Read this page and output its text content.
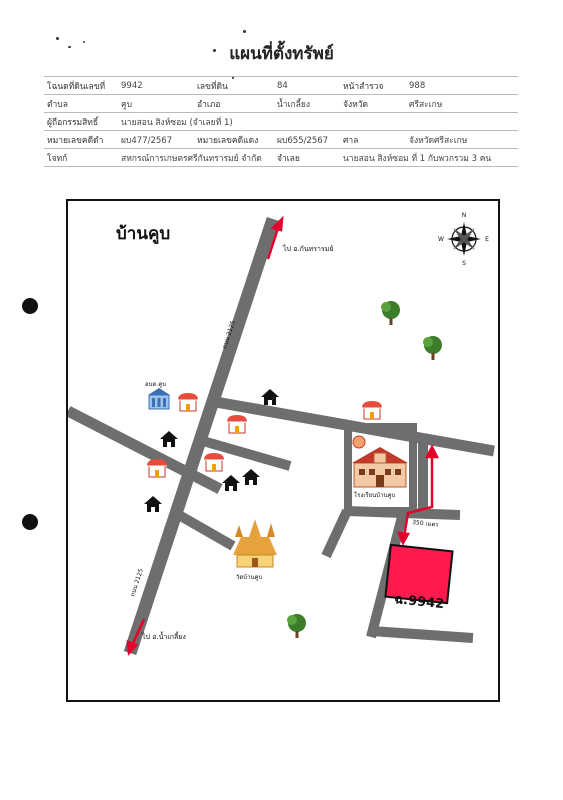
แผนที่ตั้งทรัพย์
โฉนดที่ดินเลขที่	9942	เลขที่ดิน	84	หน้าสำรวจ	988
ตำบล	คูบ	อำเภอ	น้ำเกลี้ยง	จังหวัด	ศรีสะเกษ
ผู้ถือกรรมสิทธิ์	นายสอน สิงห์ซอม (จำเลยที่ 1)				
หมายเลขคดีดำ	ผบ477/2567	หมายเลขคดีแดง	ผบ655/2567	ศาล	จังหวัดศรีสะเกษ
โจทก์	สหกรณ์การเกษตรศรีกันทรารมย์ จำกัด		จำเลย	นายสอน สิงห์ซอม ที่ 1 กับพวกรวม 3 คน	
N
S
E
W
บ้านคูบ
ไป อ.กันทรารมย์
ไป อ.น้ำเกลี้ยง
ถนน 2125
ถนน 2125
อบต.คูบ
โรงเรียนบ้านคูบ
วัดบ้านคูบ
350 เมตร
ฉ.9942
